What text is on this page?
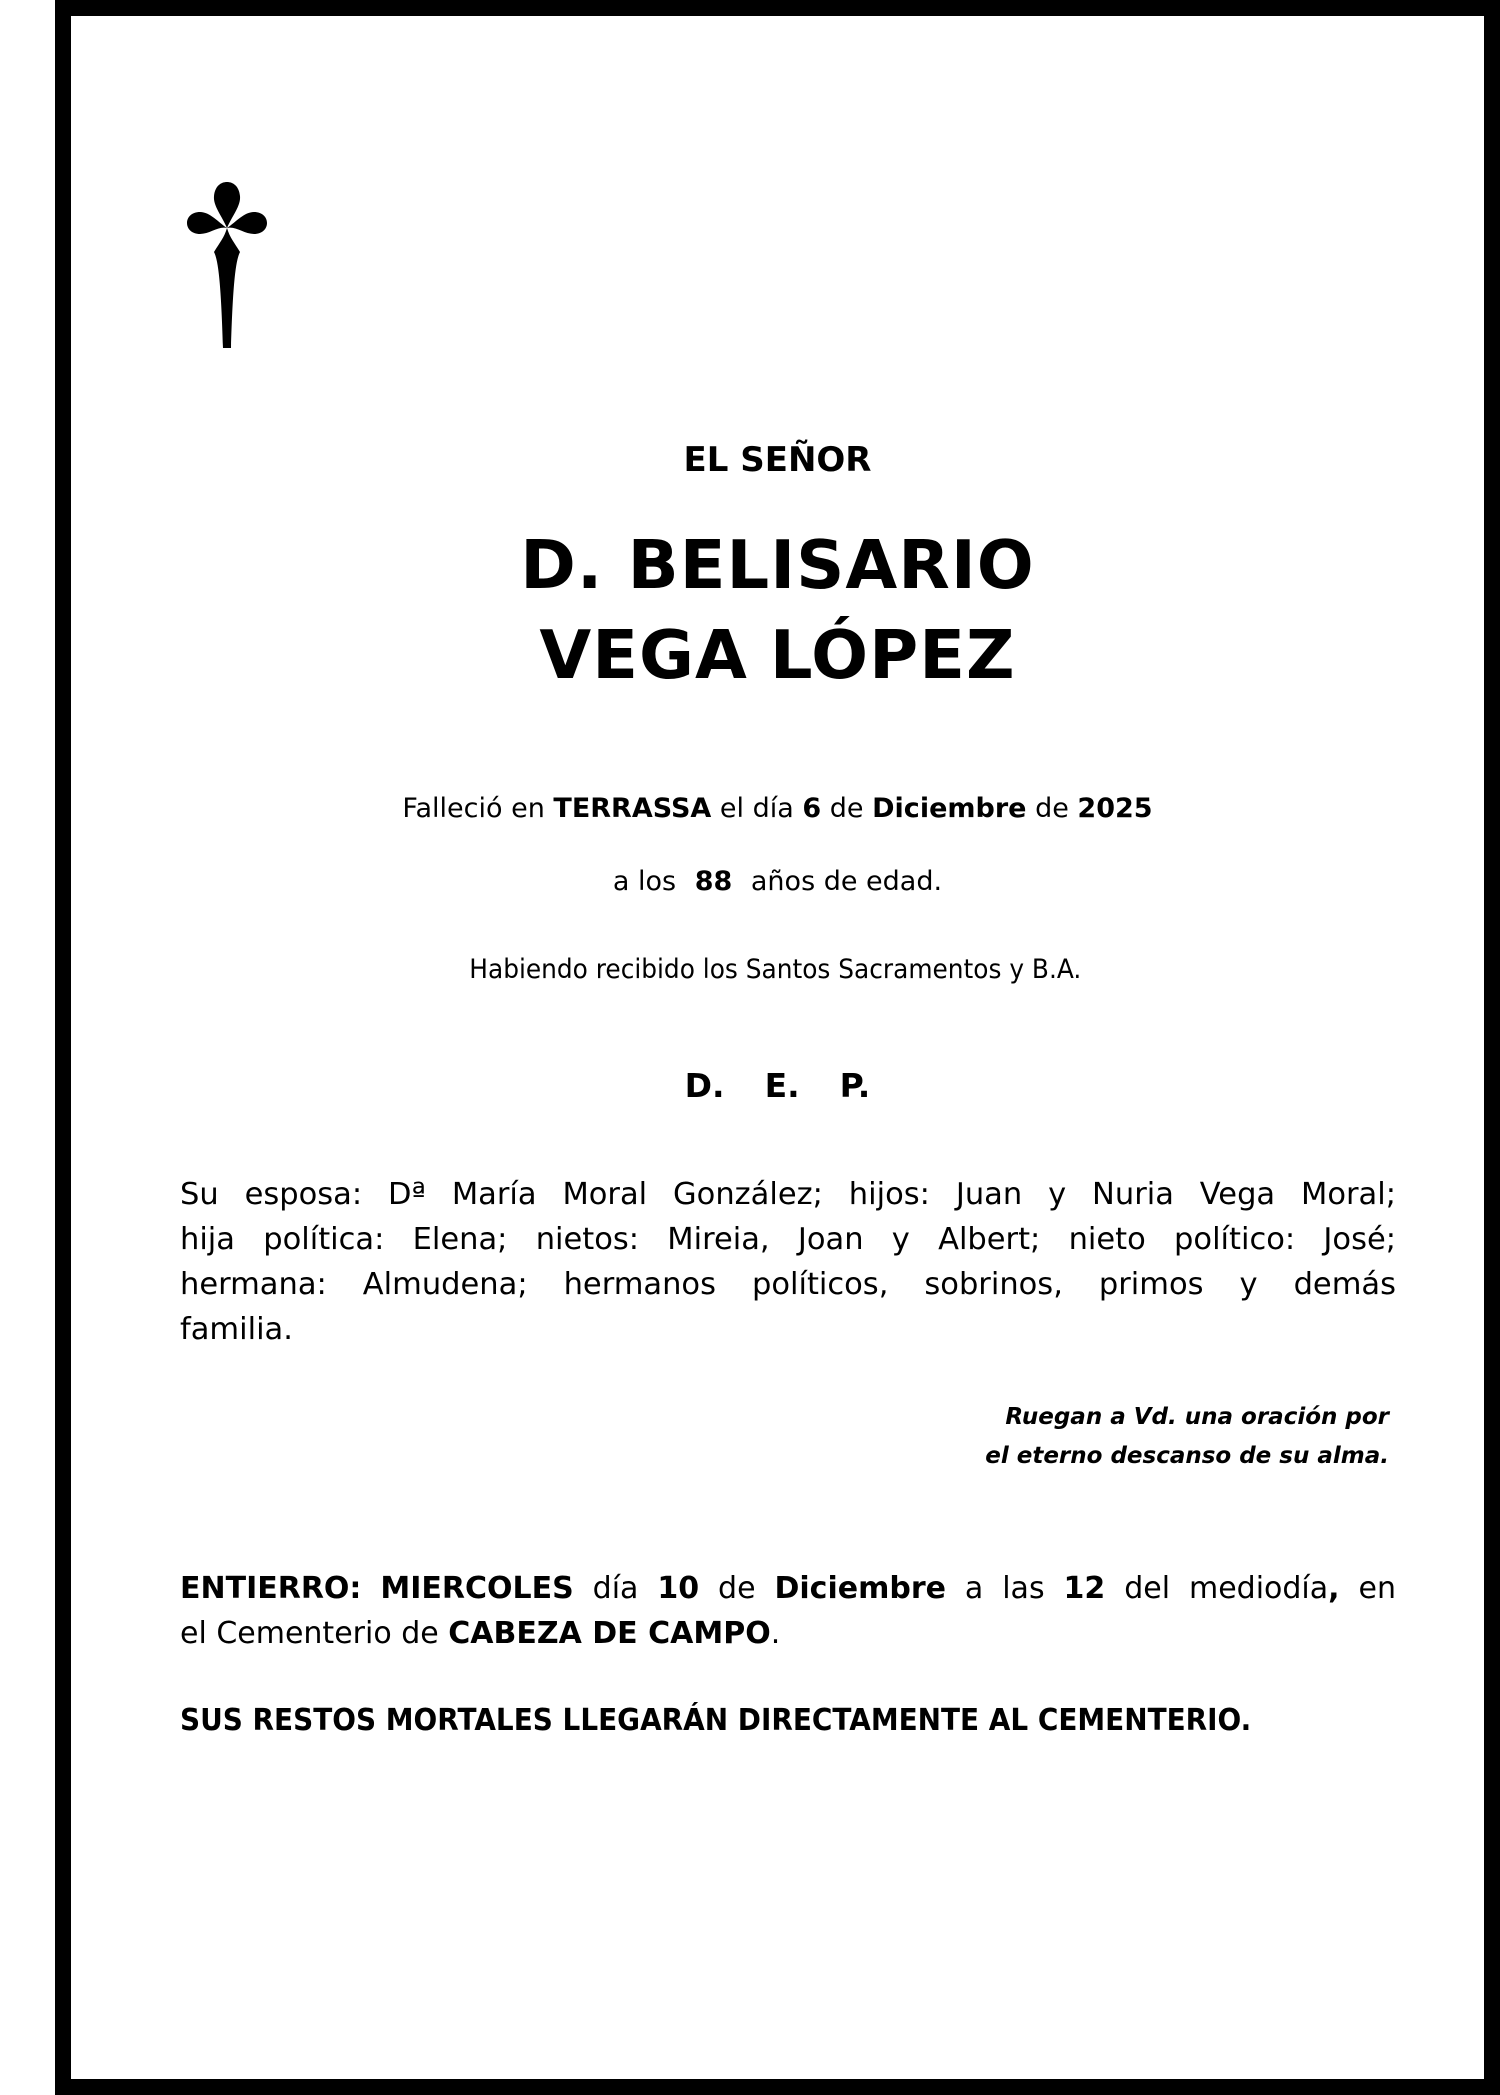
EL SEÑOR
D. BELISARIO
VEGA LÓPEZ
Falleció en TERRASSA el día 6 de Diciembre de 2025
a los 88 años de edad.
Habiendo recibido los Santos Sacramentos y B.A.
D. E. P.
Su esposa: Dª María Moral González; hijos: Juan y Nuria Vega Moral;
hija política: Elena; nietos: Mireia, Joan y Albert; nieto político: José;
hermana: Almudena; hermanos políticos, sobrinos, primos y demás
familia.
Ruegan a Vd. una oración por
el eterno descanso de su alma.
ENTIERRO: MIERCOLES día 10 de Diciembre a las 12 del mediodía, en
el Cementerio de CABEZA DE CAMPO.
SUS RESTOS MORTALES LLEGARÁN DIRECTAMENTE AL CEMENTERIO.
